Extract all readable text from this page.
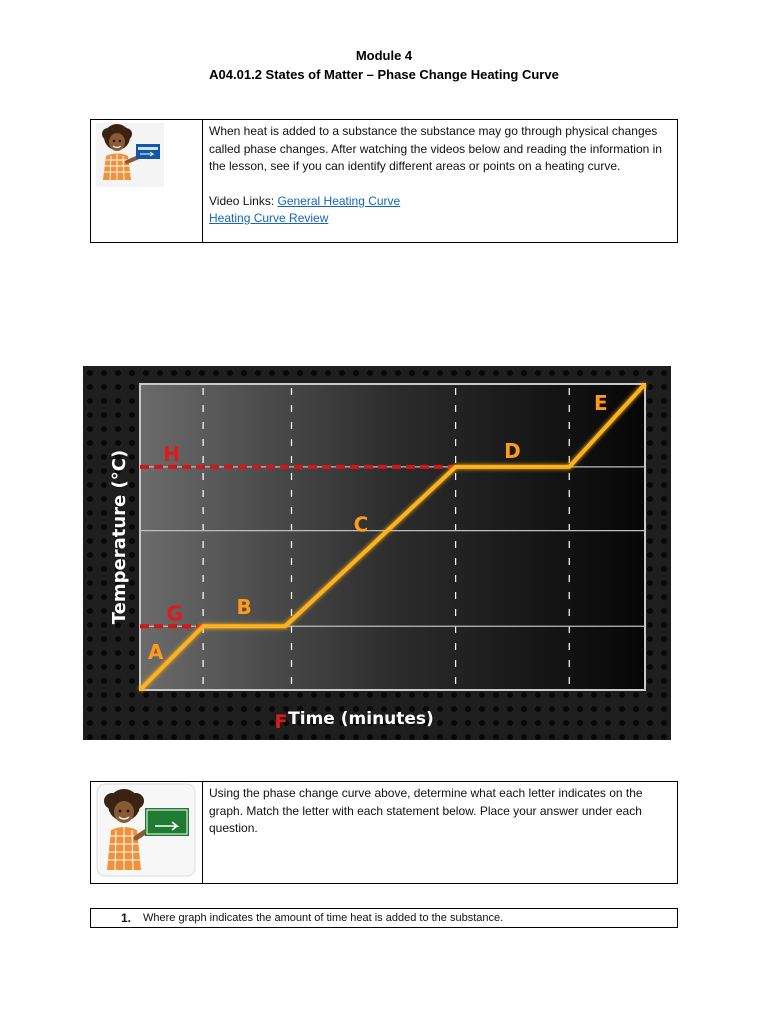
Module 4
A04.01.2 States of Matter – Phase Change Heating Curve

When heat is added to a substance the substance may go through physical changes called phase changes. After watching the videos below and reading the information in the lesson, see if you can identify different areas or points on a heating curve.

Video Links: General Heating Curve

Heating Curve Review

A
B
C
D
E
G
H
Temperature (°C)
Time (minutes)
F

Using the phase change curve above, determine what each letter indicates on the graph. Match the letter with each statement below. Place your answer under each question.

1. Where graph indicates the amount of time heat is added to the substance.
